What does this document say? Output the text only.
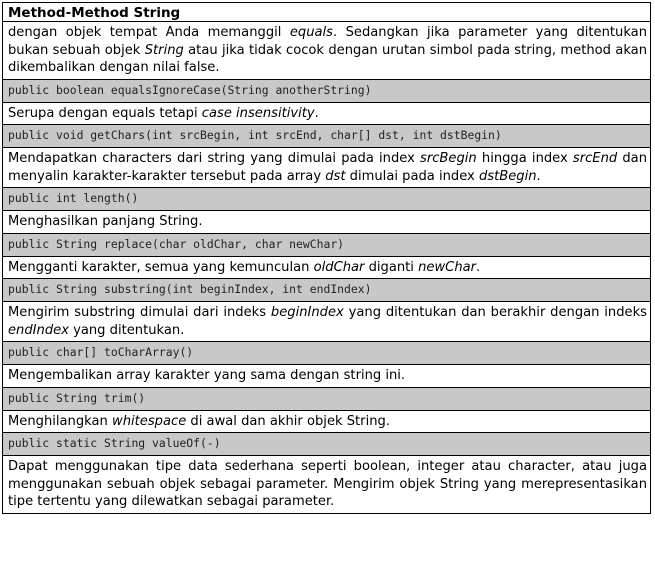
Method-Method String
dengan objek tempat Anda memanggil equals. Sedangkan jika parameter yang ditentukan bukan sebuah objek String atau jika tidak cocok dengan urutan simbol pada string, method akan dikembalikan dengan nilai false.
public boolean equalsIgnoreCase(String anotherString)
Serupa dengan equals tetapi case insensitivity.
public void getChars(int srcBegin, int srcEnd, char[] dst, int dstBegin)
Mendapatkan characters dari string yang dimulai pada index srcBegin hingga index srcEnd dan menyalin karakter-karakter tersebut pada array dst dimulai pada index dstBegin.
public int length()
Menghasilkan panjang String.
public String replace(char oldChar, char newChar)
Mengganti karakter, semua yang kemunculan oldChar diganti newChar.
public String substring(int beginIndex, int endIndex)
Mengirim substring dimulai dari indeks beginIndex yang ditentukan dan berakhir dengan indeks endIndex yang ditentukan.
public char[] toCharArray()
Mengembalikan array karakter yang sama dengan string ini.
public String trim()
Menghilangkan whitespace di awal dan akhir objek String.
public static String valueOf(-)
Dapat menggunakan tipe data sederhana seperti boolean, integer atau character, atau juga menggunakan sebuah objek sebagai parameter. Mengirim objek String yang merepresentasikan tipe tertentu yang dilewatkan sebagai parameter.
